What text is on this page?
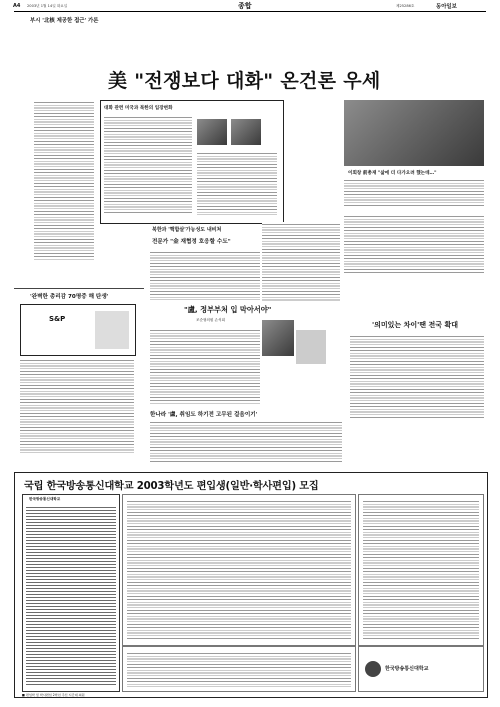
A4 2003년 1월 14일 화요일	종합	제25286호	동아일보
부시 '北核 제공한 접근' 가론
美 "전쟁보다 대화" 온건론 우세
대화 관련 미국과 북한의 입장변화
이회창 前총재 "삶에 더 다가오려 했는데…"
북한과 '핵합살'가능성도 내비쳐
전문가 "金 재협정 호응할 수도"
'완벽한 총리감 70명중 해 탄생'
S&P
"盧, 정부부처 입 막아서야"
조순형의원 손석희
'의미있는 차이'땐 전국 확대
한나라 '盧, 취임도 하기전 고무된 걸음이기'
국립 한국방송통신대학교 2003학년도 편입생(일반·학사편입) 모집
한국방송통신대학교
■ 편입학 및 학사편입 2학년 주신 시간대 의원
한국방송통신대학교
